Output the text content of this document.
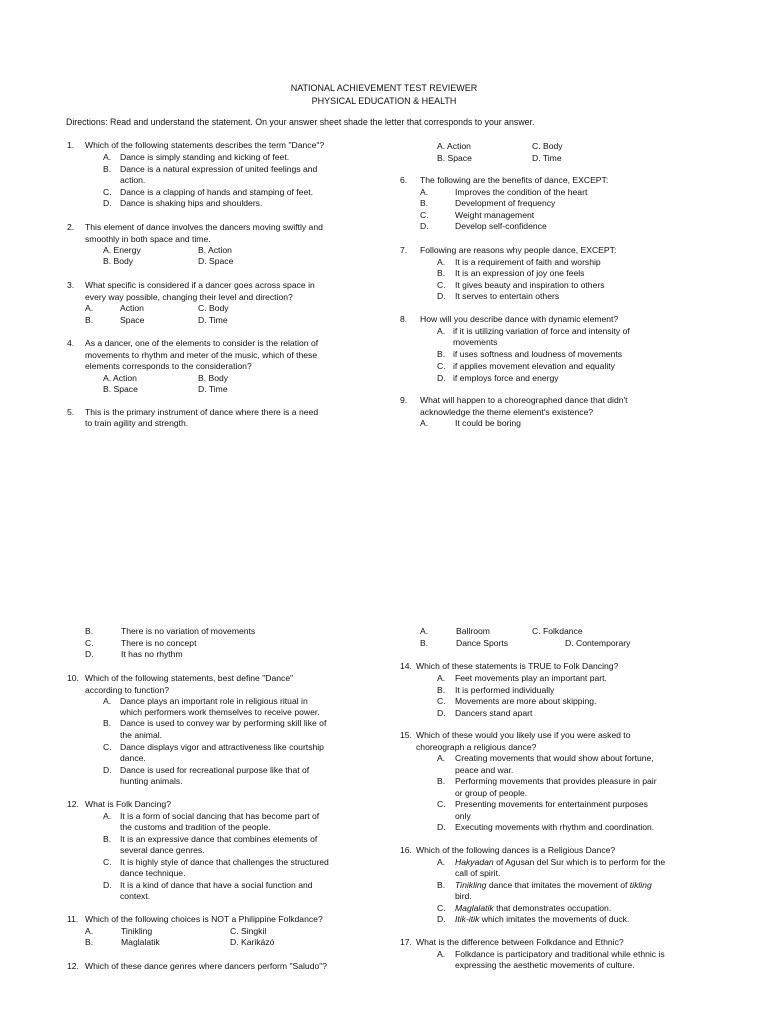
NATIONAL ACHIEVEMENT TEST REVIEWER
PHYSICAL EDUCATION & HEALTH
Directions: Read and understand the statement. On your answer sheet shade the letter that corresponds to your answer.
1. Which of the following statements describes the term "Dance"?
A. Dance is simply standing and kicking of feet.
B. Dance is a natural expression of united feelings and
action.
C. Dance is a clapping of hands and stamping of feet.
D. Dance is shaking hips and shoulders.
2. This element of dance involves the dancers moving swiftly and
smoothly in both space and time.
A. Energy	B. Action
B. Body	D. Space
3. What specific is considered if a dancer goes across space in
every way possible, changing their level and direction?
A.	Action	C. Body
B.	Space	D. Time
4. As a dancer, one of the elements to consider is the relation of
movements to rhythm and meter of the music, which of these
elements corresponds to the consideration?
A. Action	B. Body
B. Space	D. Time
5. This is the primary instrument of dance where there is a need
to train agility and strength.
A. Action	C. Body
B. Space	D. Time
6. The following are the benefits of dance, EXCEPT:
A.	Improves the condition of the heart
B.	Development of frequency
C.	Weight management
D.	Develop self-confidence
7. Following are reasons why people dance, EXCEPT:
A. It is a requirement of faith and worship
B. It is an expression of joy one feels
C. It gives beauty and inspiration to others
D. It serves to entertain others
8. How will you describe dance with dynamic element?
A. if it is utilizing variation of force and intensity of
movements
B. if uses softness and loudness of movements
C. if applies movement elevation and equality
D. if employs force and energy
9. What will happen to a choreographed dance that didn't
acknowledge the theme element's existence?
A.	It could be boring
B.	There is no variation of movements
C.	There is no concept
D.	It has no rhythm
10. Which of the following statements, best define "Dance"
according to function?
A. Dance plays an important role in religious ritual in
which performers work themselves to receive power.
B. Dance is used to convey war by performing skill like of
the animal.
C. Dance displays vigor and attractiveness like courtship
dance.
D. Dance is used for recreational purpose like that of
hunting animals.
12. What is Folk Dancing?
A. It is a form of social dancing that has become part of
the customs and tradition of the people.
B. It is an expressive dance that combines elements of
several dance genres.
C. It is highly style of dance that challenges the structured
dance technique.
D. It is a kind of dance that have a social function and
context.
11. Which of the following choices is NOT a Philippine Folkdance?
A.	Tinikling	C. Singkil
B.	Maglalatik	D. Karikázó
12. Which of these dance genres where dancers perform "Saludo"?
A.	Ballroom	C. Folkdance
B.	Dance Sports	D. Contemporary
14. Which of these statements is TRUE to Folk Dancing?
A. Feet movements play an important part.
B. It is performed individually
C. Movements are more about skipping.
D. Dancers stand apart
15. Which of these would you likely use if you were asked to
choreograph a religious dance?
A. Creating movements that would show about fortune,
peace and war.
B. Performing movements that provides pleasure in pair
or group of people.
C. Presenting movements for entertainment purposes
only
D. Executing movements with rhythm and coordination.
16. Which of the following dances is a Religious Dance?
A. Hakyadan of Agusan del Sur which is to perform for the
call of spirit.
B. Tinikling dance that imitates the movement of tikling
bird.
C. Maglalatik that demonstrates occupation.
D. Itik-itik which imitates the movements of duck.
17. What is the difference between Folkdance and Ethnic?
A. Folkdance is participatory and traditional while ethnic is
expressing the aesthetic movements of culture.
